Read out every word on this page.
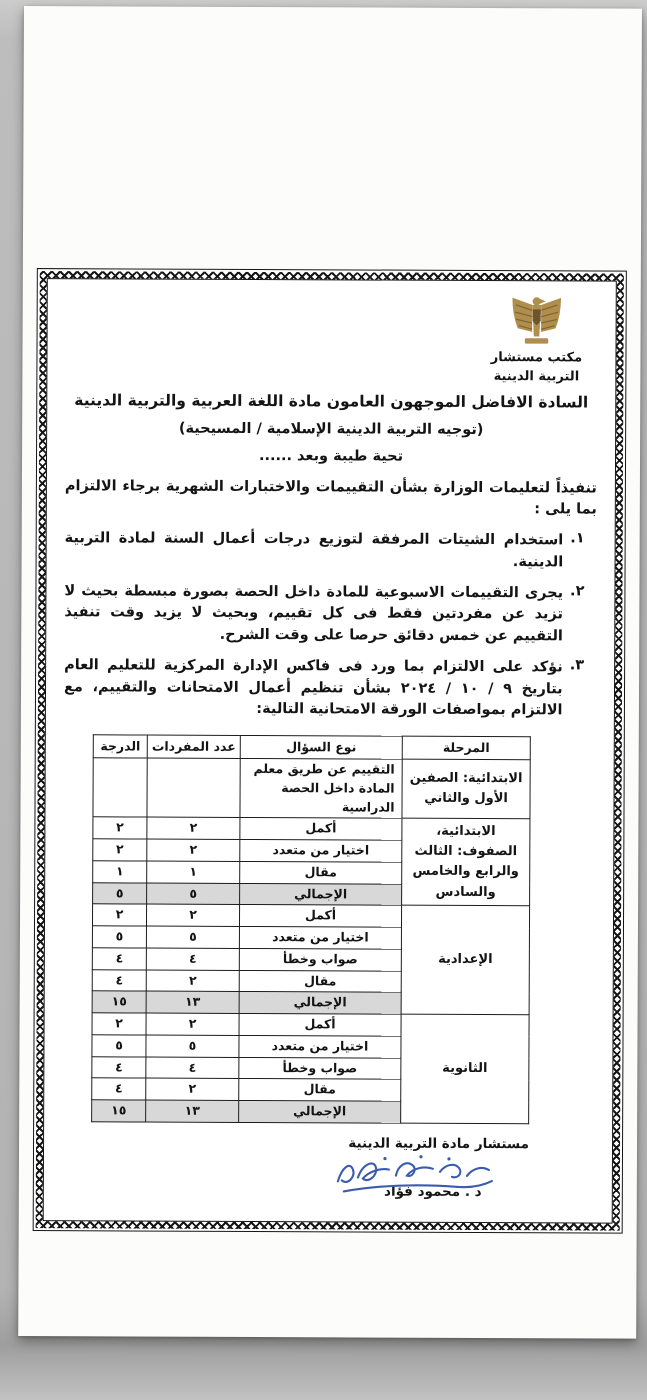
مكتب مستشار
التربية الدينية
السادة الافاضل الموجهون العامون مادة اللغة العربية والتربية الدينية
(توجيه التربية الدينية الإسلامية / المسيحية)
تحية طيبة وبعد ......

تنفيذاً لتعليمات الوزارة بشأن التقييمات والاختبارات الشهرية برجاء الالتزام بما يلى :

١.
استخدام الشيتات المرفقة لتوزيع درجات أعمال السنة لمادة التربية الدينية.
٢.
يجرى التقييمات الاسبوعية للمادة داخل الحصة بصورة مبسطة بحيث لا تزيد عن مفردتين فقط فى كل تقييم، وبحيث لا يزيد وقت تنفيذ التقييم عن خمس دقائق حرصا على وقت الشرح.
٣.
نؤكد على الالتزام بما ورد فى فاكس الإدارة المركزية للتعليم العام بتاريخ ٩ / ١٠ / ٢٠٢٤ بشأن تنظيم أعمال الامتحانات والتقييم، مع الالتزام بمواصفات الورقة الامتحانية التالية:
المرحلة	نوع السؤال	عدد المفردات	الدرجة
الابتدائية: الصفين الأول والثاني	التقييم عن طريق معلم المادة داخل الحصة الدراسية		
الابتدائية، الصفوف: الثالث والرابع والخامس والسادس	أكمل	٢	٢
	اختيار من متعدد	٢	٢
	مقال	١	١
	الإجمالي	٥	٥
الإعدادية	أكمل	٢	٢
	اختيار من متعدد	٥	٥
	صواب وخطأ	٤	٤
	مقال	٢	٤
	الإجمالي	١٣	١٥
الثانوية	أكمل	٢	٢
	اختيار من متعدد	٥	٥
	صواب وخطأ	٤	٤
	مقال	٢	٤
	الإجمالي	١٣	١٥
مستشار مادة التربية الدينية
د . محمود فؤاد
